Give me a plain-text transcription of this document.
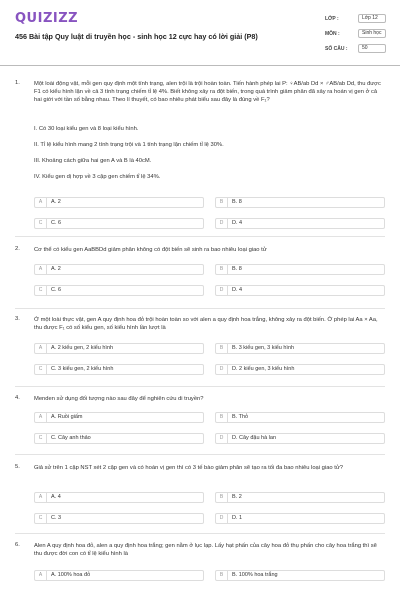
QUIZIZZ
456 Bài tập Quy luật di truyền học - sinh học 12 cực hay có lời giải (P8)
LỚP :	Lớp 12
MÔN :	Sinh học
SỐ CÂU :	50
1. Một loài động vật, mỗi gen quy định một tính trạng, alen trội là trội hoàn toàn. Tiến hành phép lai P: ♀AB/ab Dd × ♂AB/ab Dd, thu được F1 có kiểu hình lặn về cả 3 tính trạng chiếm tỉ lệ 4%. Biết không xảy ra đột biến, trong quá trình giảm phân đã xảy ra hoán vị gen ở cả hai giới với tần số bằng nhau. Theo lí thuyết, có bao nhiêu phát biểu sau đây là đúng về F₁?
I. Có 30 loại kiểu gen và 8 loại kiểu hình.
II. Tỉ lệ kiểu hình mang 2 tính trạng trội và 1 tính trạng lặn chiếm tỉ lệ 30%.
III. Khoảng cách giữa hai gen A và B là 40cM.
IV. Kiểu gen dị hợp về 3 cặp gen chiếm tỉ lệ 34%.
A	A. 2	B	B. 8
C	C. 6	D	D. 4
2. Cơ thể có kiểu gen AaBBDd giảm phân không có đột biến sẽ sinh ra bao nhiêu loại giao tử
A	A. 2	B	B. 8
C	C. 6	D	D. 4
3. Ở một loài thực vật, gen A quy định hoa đỏ trội hoàn toàn so với alen a quy định hoa trắng, không xảy ra đột biến. Ở phép lai Aa × Aa, thu được F₁ có số kiểu gen, số kiểu hình lần lượt là
A	A. 2 kiểu gen, 2 kiểu hình	B	B. 3 kiểu gen, 3 kiểu hình
C	C. 3 kiểu gen, 2 kiểu hình	D	D. 2 kiểu gen, 3 kiểu hình
4. Menden sử dụng đối tượng nào sau đây để nghiên cứu di truyền?
A	A. Ruồi giấm	B	B. Thỏ
C	C. Cây anh thảo	D	D. Cây đậu hà lan
5. Giả sử trên 1 cặp NST xét 2 cặp gen và có hoán vị gen thì có 3 tế bào giảm phân sẽ tạo ra tối đa bao nhiêu loại giao tử?
A	A. 4	B	B. 2
C	C. 3	D	D. 1
6. Alen A quy định hoa đỏ, alen a quy định hoa trắng; gen nằm ở lục lạp. Lấy hạt phấn của cây hoa đỏ thụ phấn cho cây hoa trắng thì sẽ thu được đời con có tỉ lệ kiểu hình là
A	A. 100% hoa đỏ	B	B. 100% hoa trắng
